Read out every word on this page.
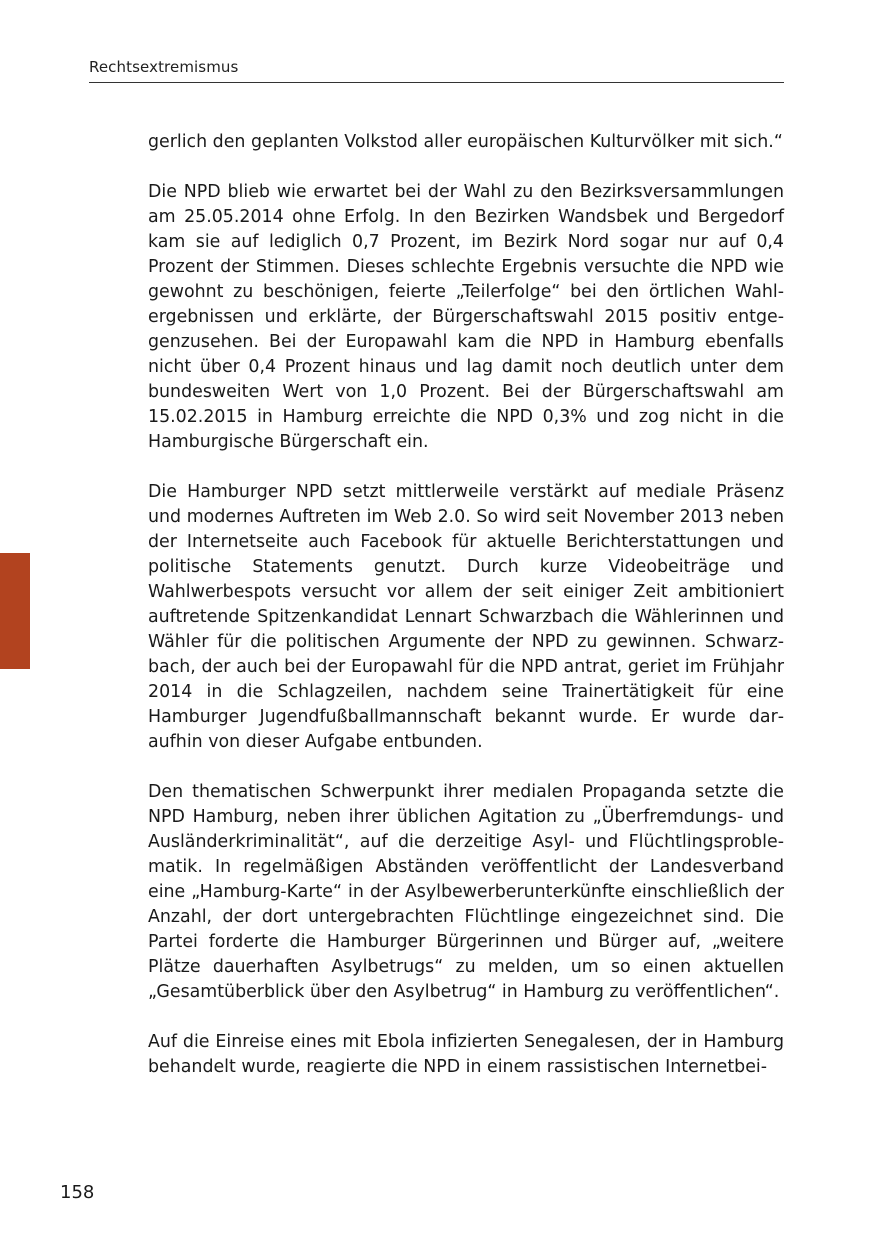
Rechtsextremismus

gerlich den geplanten Volkstod aller europäischen Kulturvölker mit sich.“

Die NPD blieb wie erwartet bei der Wahl zu den Bezirksversammlungen am 25.05.2014 ohne Erfolg. In den Bezirken Wandsbek und Bergedorf kam sie auf lediglich 0,7 Prozent, im Bezirk Nord sogar nur auf 0,4 Prozent der Stimmen. Dieses schlechte Ergebnis versuchte die NPD wie gewohnt zu beschönigen, feierte „Teilerfolge“ bei den örtlichen Wahlergebnissen und erklärte, der Bürgerschaftswahl 2015 positiv entgegenzusehen. Bei der Europawahl kam die NPD in Hamburg ebenfalls nicht über 0,4 Prozent hinaus und lag damit noch deutlich unter dem bundesweiten Wert von 1,0 Prozent. Bei der Bürgerschaftswahl am 15.02.2015 in Hamburg erreichte die NPD 0,3% und zog nicht in die Hamburgische Bürgerschaft ein.

Die Hamburger NPD setzt mittlerweile verstärkt auf mediale Präsenz und modernes Auftreten im Web 2.0. So wird seit November 2013 neben der Internetseite auch Facebook für aktuelle Berichterstattungen und politische Statements genutzt. Durch kurze Videobeiträge und Wahlwerbespots versucht vor allem der seit einiger Zeit ambitioniert auftretende Spitzenkandidat Lennart Schwarzbach die Wählerinnen und Wähler für die politischen Argumente der NPD zu gewinnen. Schwarzbach, der auch bei der Europawahl für die NPD antrat, geriet im Frühjahr 2014 in die Schlagzeilen, nachdem seine Trainertätigkeit für eine Hamburger Jugendfußballmannschaft bekannt wurde. Er wurde daraufhin von dieser Aufgabe entbunden.

Den thematischen Schwerpunkt ihrer medialen Propaganda setzte die NPD Hamburg, neben ihrer üblichen Agitation zu „Überfremdungs- und Ausländerkriminalität“, auf die derzeitige Asyl- und Flüchtlingsproblematik. In regelmäßigen Abständen veröffentlicht der Landesverband eine „Hamburg-Karte“ in der Asylbewerberunterkünfte einschließlich der Anzahl, der dort untergebrachten Flüchtlinge eingezeichnet sind. Die Partei forderte die Hamburger Bürgerinnen und Bürger auf, „weitere Plätze dauerhaften Asylbetrugs“ zu melden, um so einen aktuellen „Gesamtüberblick über den Asylbetrug“ in Hamburg zu veröffentlichen“.

Auf die Einreise eines mit Ebola infizierten Senegalesen, der in Hamburg behandelt wurde, reagierte die NPD in einem rassistischen Internetbei-

158
